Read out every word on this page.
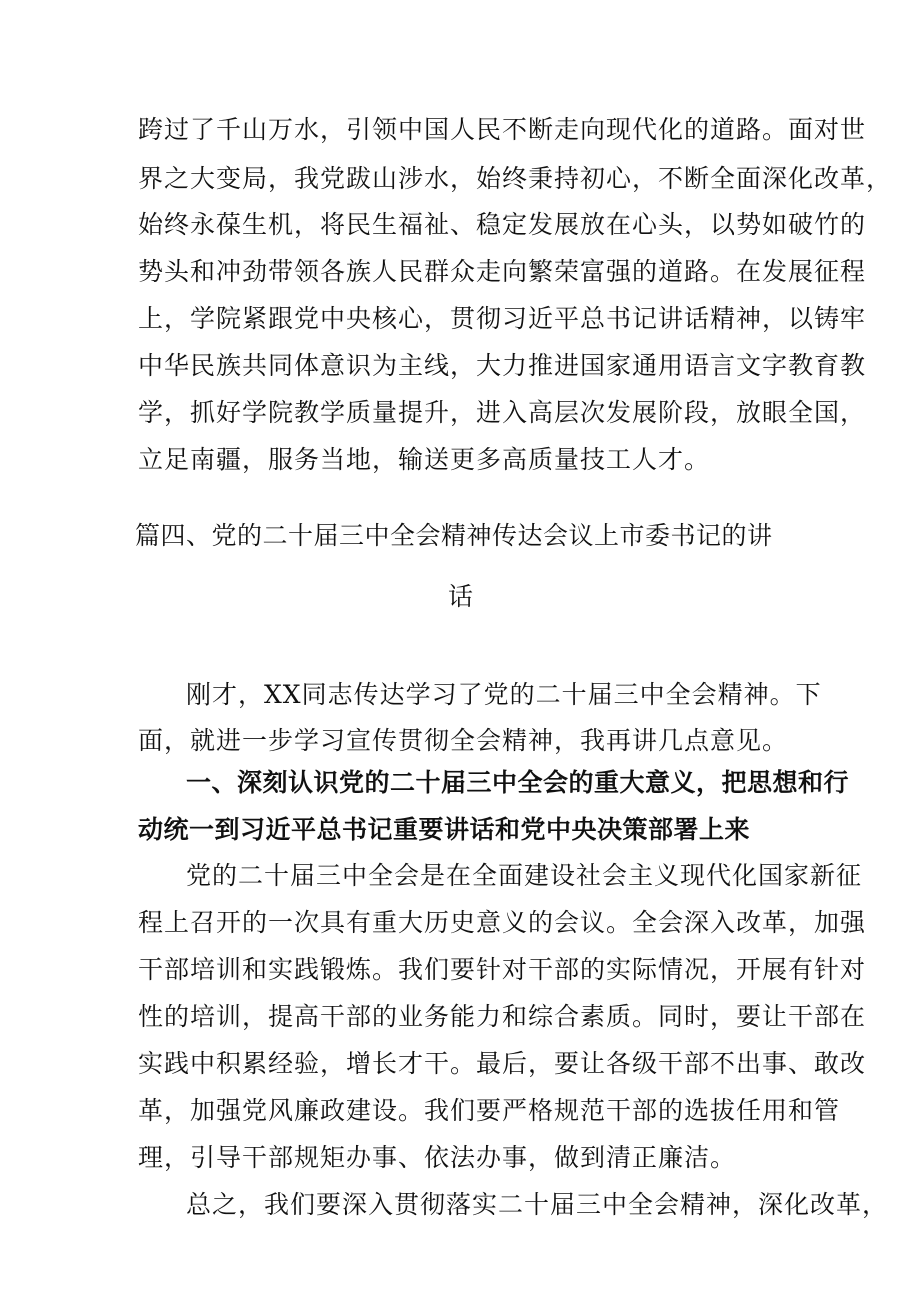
跨过了千山万水，引领中国人民不断走向现代化的道路。面对世
界之大变局，我党跋山涉水，始终秉持初心，不断全面深化改革，
始终永葆生机，将民生福祉、稳定发展放在心头，以势如破竹的
势头和冲劲带领各族人民群众走向繁荣富强的道路。在发展征程
上，学院紧跟党中央核心，贯彻习近平总书记讲话精神，以铸牢
中华民族共同体意识为主线，大力推进国家通用语言文字教育教
学，抓好学院教学质量提升，进入高层次发展阶段，放眼全国，
立足南疆，服务当地，输送更多高质量技工人才。
篇四、党的二十届三中全会精神传达会议上市委书记的讲
话
刚才，XX同志传达学习了党的二十届三中全会精神。下
面，就进一步学习宣传贯彻全会精神，我再讲几点意见。
一、深刻认识党的二十届三中全会的重大意义，把思想和行
动统一到习近平总书记重要讲话和党中央决策部署上来
党的二十届三中全会是在全面建设社会主义现代化国家新征
程上召开的一次具有重大历史意义的会议。全会深入改革，加强
干部培训和实践锻炼。我们要针对干部的实际情况，开展有针对
性的培训，提高干部的业务能力和综合素质。同时，要让干部在
实践中积累经验，增长才干。最后，要让各级干部不出事、敢改
革，加强党风廉政建设。我们要严格规范干部的选拔任用和管
理，引导干部规矩办事、依法办事，做到清正廉洁。
总之，我们要深入贯彻落实二十届三中全会精神，深化改革，
